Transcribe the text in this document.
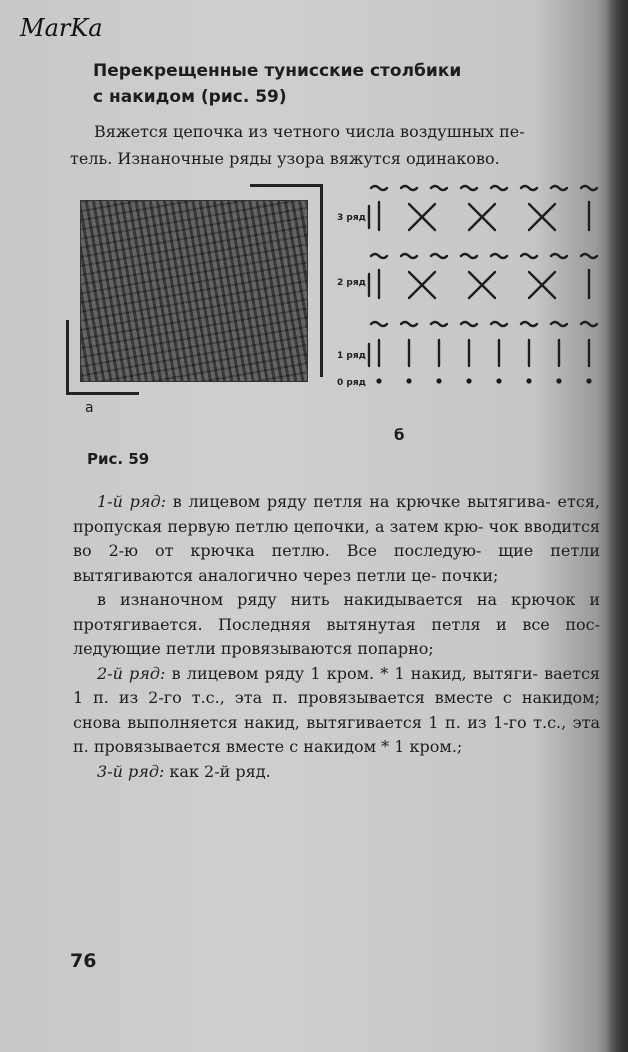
MarKa
Перекрещенные тунисские столбики
с накидом (рис. 59)
Вяжется цепочка из четного числа воздушных пе-
тель. Изнаночные ряды узора вяжутся одинаково.
а
3 ряд
2 ряд
1 ряд
0 ряд
б
Рис. 59

1-й ряд: в лицевом ряду петля на крючке вытягива- ется, пропуская первую петлю цепочки, а затем крю- чок вводится во 2-ю от крючка петлю. Все последую- щие петли вытягиваются аналогично через петли це- почки;

в изнаночном ряду нить накидывается на крючок и протягивается. Последняя вытянутая петля и все пос- ледующие петли провязываются попарно;

2-й ряд: в лицевом ряду 1 кром. * 1 накид, вытяги- вается 1 п. из 2-го т.с., эта п. провязывается вместе с накидом; снова выполняется накид, вытягивается 1 п. из 1-го т.с., эта п. провязывается вместе с накидом * 1 кром.;

3-й ряд: как 2-й ряд.

76
